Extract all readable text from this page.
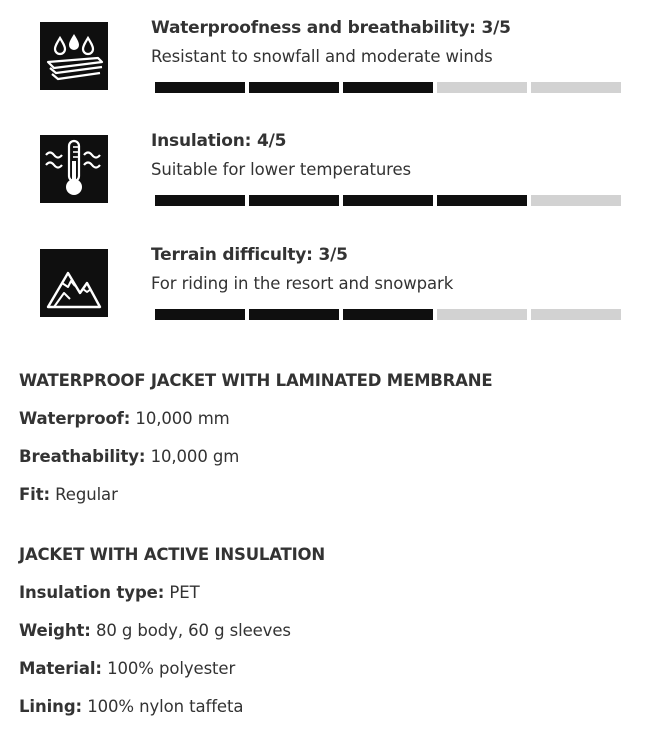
Waterproofness and breathability: 3/5
Resistant to snowfall and moderate winds
Insulation: 4/5
Suitable for lower temperatures
Terrain difficulty: 3/5
For riding in the resort and snowpark
WATERPROOF JACKET WITH LAMINATED MEMBRANE
Waterproof: 10,000 mm
Breathability: 10,000 gm
Fit: Regular
JACKET WITH ACTIVE INSULATION
Insulation type: PET
Weight: 80 g body, 60 g sleeves
Material: 100% polyester
Lining: 100% nylon taffeta
